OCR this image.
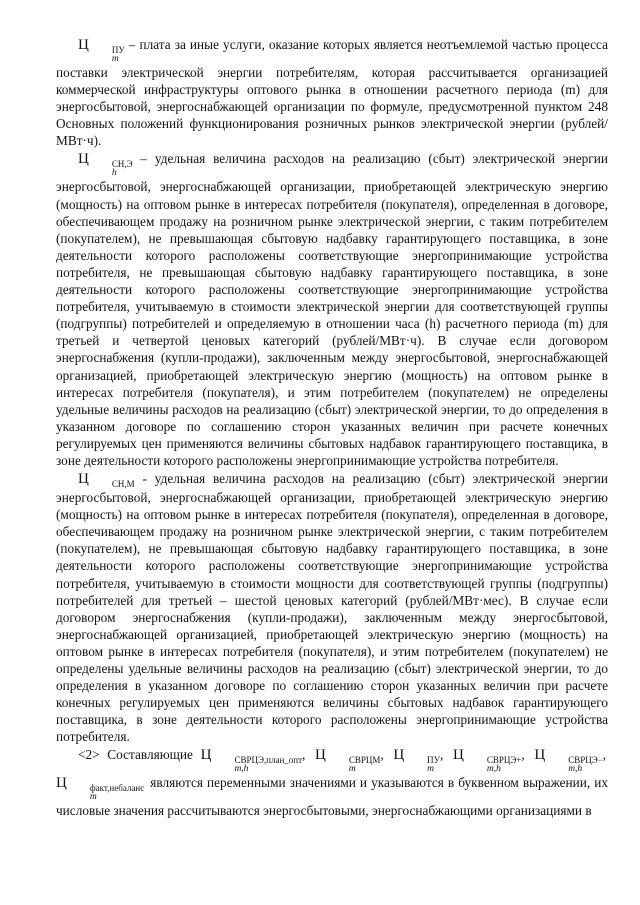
Ц	ПУ
m
– плата за иные услуги, оказание которых является неотъемлемой частью процесса поставки электрической энергии потребителям, которая рассчитывается организацией коммерческой инфраструктуры оптового рынка в отношении расчетного периода (m) для энергосбытовой, энергоснабжающей организации по формуле, предусмотренной пунктом 248 Основных положений функционирования розничных рынков электрической энергии (рублей/МВт·ч).

Ц	СН,Э
h
– удельная величина расходов на реализацию (сбыт) электрической энергии энергосбытовой, энергоснабжающей организации, приобретающей электрическую энергию (мощность) на оптовом рынке в интересах потребителя (покупателя), определенная в договоре, обеспечивающем продажу на розничном рынке электрической энергии, с таким потребителем (покупателем), не превышающая сбытовую надбавку гарантирующего поставщика, в зоне деятельности которого расположены соответствующие энергопринимающие устройства потребителя, не превышающая сбытовую надбавку гарантирующего поставщика, в зоне деятельности которого расположены соответствующие энергопринимающие устройства потребителя, учитываемую в стоимости электрической энергии для соответствующей группы (подгруппы) потребителей и определяемую в отношении часа (h) расчетного периода (m) для третьей и четвертой ценовых категорий (рублей/МВт·ч). В случае если договором энергоснабжения (купли-продажи), заключенным между энергосбытовой, энергоснабжающей организацией, приобретающей электрическую энергию (мощность) на оптовом рынке в интересах потребителя (покупателя), и этим потребителем (покупателем) не определены удельные величины расходов на реализацию (сбыт) электрической энергии, то до определения в указанном договоре по соглашению сторон указанных величин при расчете конечных регулируемых цен применяются величины сбытовых надбавок гарантирующего поставщика, в зоне деятельности которого расположены энергопринимающие устройства потребителя.

Ц	СН,М - удельная величина расходов на реализацию (сбыт) электрической энергии энергосбытовой, энергоснабжающей организации, приобретающей электрическую энергию (мощность) на оптовом рынке в интересах потребителя (покупателя), определенная в договоре, обеспечивающем продажу на розничном рынке электрической энергии, с таким потребителем (покупателем), не превышающая сбытовую надбавку гарантирующего поставщика, в зоне деятельности которого расположены соответствующие энергопринимающие устройства потребителя, учитываемую в стоимости мощности для соответствующей группы (подгруппы) потребителей для третьей – шестой ценовых категорий (рублей/МВт·мес). В случае если договором энергоснабжения (купли-продажи), заключенным между энергосбытовой, энергоснабжающей организацией, приобретающей электрическую энергию (мощность) на оптовом рынке в интересах потребителя (покупателя), и этим потребителем (покупателем) не определены удельные величины расходов на реализацию (сбыт) электрической энергии, то до определения в указанном договоре по соглашению сторон указанных величин при расчете конечных регулируемых цен применяются величины сбытовых надбавок гарантирующего поставщика, в зоне деятельности которого расположены энергопринимающие устройства потребителя.

<2> Составляющие Ц	СВРЦЭ,план_опт
m,h
, Ц	СВРЦМ
m
, Ц	ПУ
m
, Ц	СВРЦЭ+
m,h
, Ц	СВРЦЭ−
m,h
, Ц	факт,небаланс
m
являются переменными значениями и указываются в буквенном выражении, их числовые значения рассчитываются энергосбытовыми, энергоснабжающими организациями в
